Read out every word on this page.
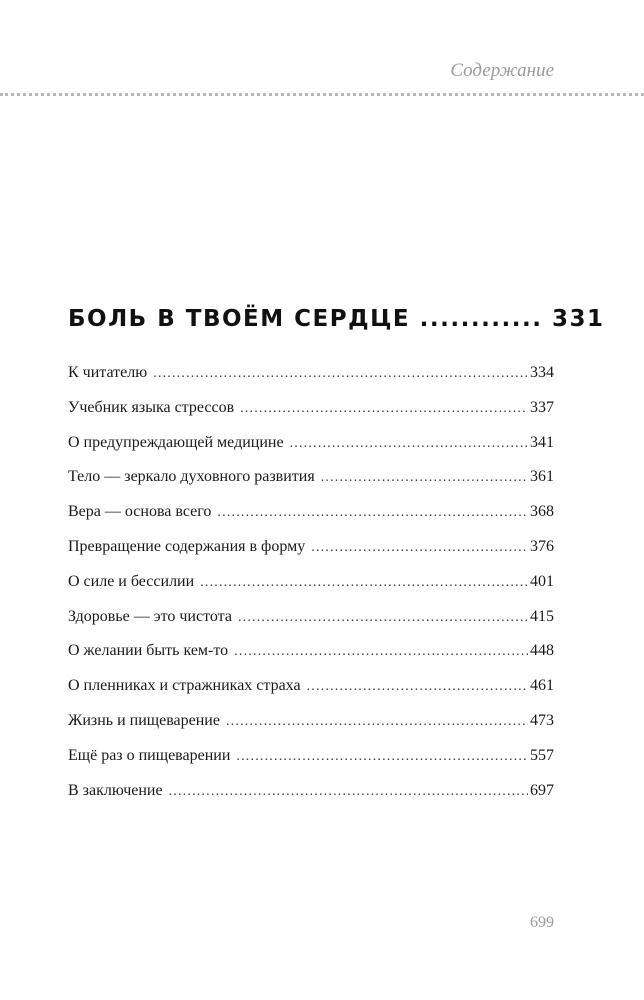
Содержание
БОЛЬ В ТВОЁМ СЕРДЦЕ ............ 331
К читателю .....	334
Учебник языка стрессов .....	337
О предупреждающей медицине .....	341
Тело — зеркало духовного развития .....	361
Вера — основа всего .....	368
Превращение содержания в форму .....	376
О силе и бессилии .....	401
Здоровье — это чистота .....	415
О желании быть кем-то .....	448
О пленниках и стражниках страха .....	461
Жизнь и пищеварение .....	473
Ещё раз о пищеварении .....	557
В заключение .....	697
699
